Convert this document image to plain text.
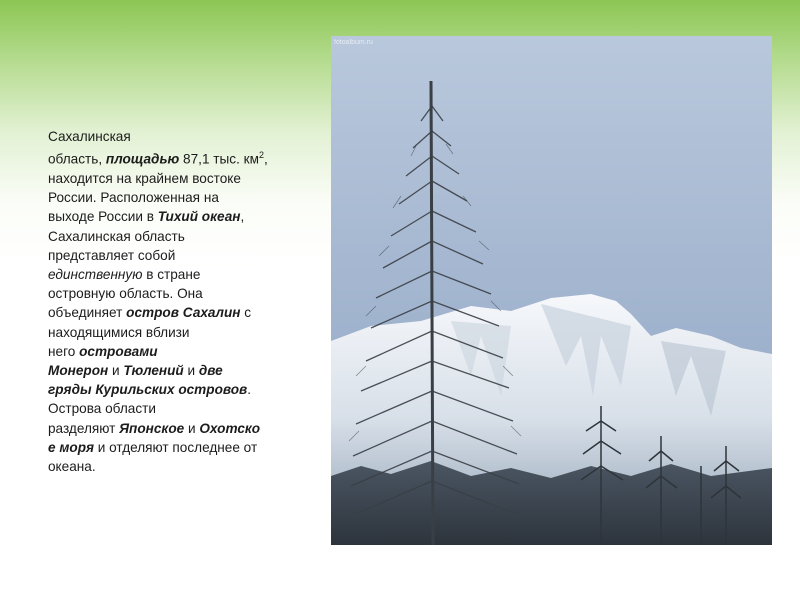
Сахалинская
область, площадью 87,1 тыс. $км^2$,
находится на крайнем востоке
России. Расположенная на
выходе России в Тихий океан,
Сахалинская область
представляет собой
единственную в стране
островную область. Она
объединяет остров Сахалин с
находящимися вблизи
него островами
Монерон и Тюлений и две
гряды Курильских островов.
Острова области
разделяют Японское и Охотско
е моря и отделяют последнее от
океана.
fotoalbum.ru
